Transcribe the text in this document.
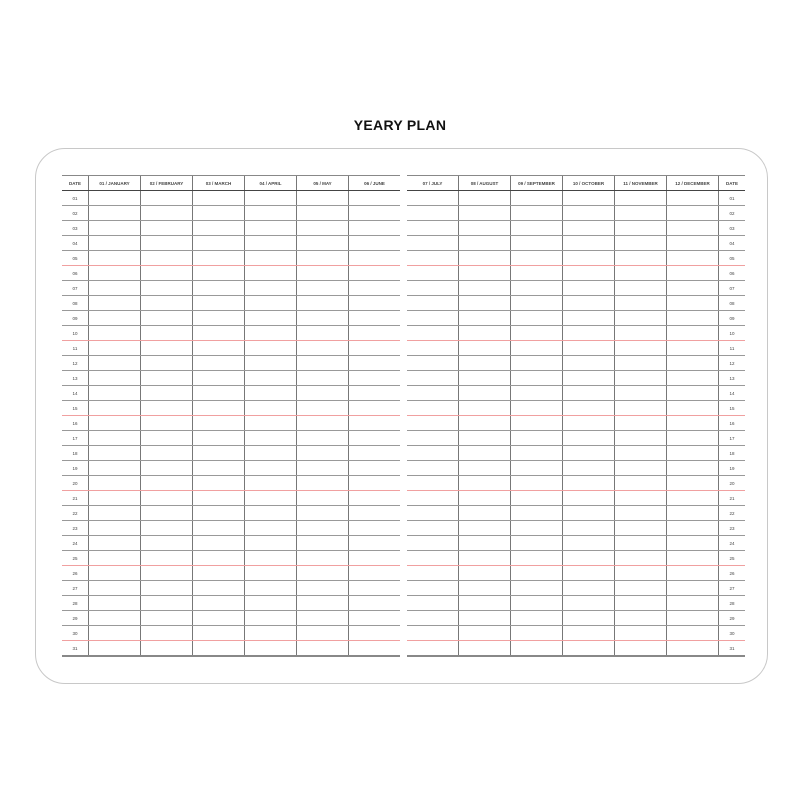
YEARY PLAN
DATE	01 / JANUARY	02 / FEBRUARY	03 / MARCH	04 / APRIL	05 / MAY	06 / JUNE
01						
02						
03						
04						
05						
06						
07						
08						
09						
10						
11						
12						
13						
14						
15						
16						
17						
18						
19						
20						
21						
22						
23						
24						
25						
26						
27						
28						
29						
30						
31						
07 / JULY	08 / AUGUST	09 / SEPTEMBER	10 / OCTOBER	11 / NOVEMBER	12 / DECEMBER	DATE
						01
						02
						03
						04
						05
						06
						07
						08
						09
						10
						11
						12
						13
						14
						15
						16
						17
						18
						19
						20
						21
						22
						23
						24
						25
						26
						27
						28
						29
						30
						31
